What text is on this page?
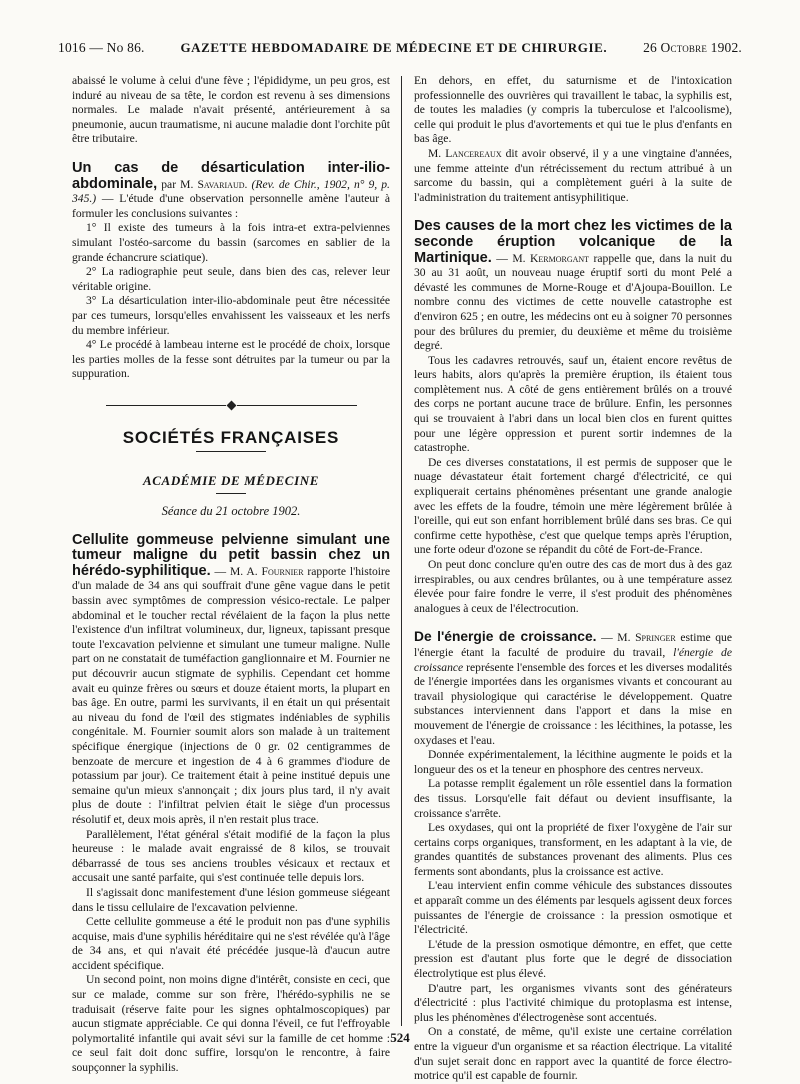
1016 — No 86.	GAZETTE HEBDOMADAIRE DE MÉDECINE ET DE CHIRURGIE.	26 Octobre 1902.

abaissé le volume à celui d'une fève ; l'épididyme, un peu gros, est induré au niveau de sa tête, le cordon est revenu à ses dimensions normales. Le malade n'avait présenté, antérieurement à sa pneumonie, aucun traumatisme, ni aucune maladie dont l'orchite pût être tributaire.

Un cas de désarticulation inter-ilio-abdominale, par M. Savariaud. (Rev. de Chir., 1902, n° 9, p. 345.) — L'étude d'une observation personnelle amène l'auteur à formuler les conclusions suivantes :

1° Il existe des tumeurs à la fois intra-et extra-pelviennes simulant l'ostéo-sarcome du bassin (sarcomes en sablier de la grande échancrure sciatique).

2° La radiographie peut seule, dans bien des cas, relever leur véritable origine.

3° La désarticulation inter-ilio-abdominale peut être nécessitée par ces tumeurs, lorsqu'elles envahissent les vaisseaux et les nerfs du membre inférieur.

4° Le procédé à lambeau interne est le procédé de choix, lorsque les parties molles de la fesse sont détruites par la tumeur ou par la suppuration.

SOCIÉTÉS FRANÇAISES
ACADÉMIE DE MÉDECINE
Séance du 21 octobre 1902.

Cellulite gommeuse pelvienne simulant une tumeur maligne du petit bassin chez un hérédo-syphilitique. — M. A. Fournier rapporte l'histoire d'un malade de 34 ans qui souffrait d'une gêne vague dans le petit bassin avec symptômes de compression vésico-rectale. Le palper abdominal et le toucher rectal révélaient de la façon la plus nette l'existence d'un infiltrat volumineux, dur, ligneux, tapissant presque toute l'excavation pelvienne et simulant une tumeur maligne. Nulle part on ne constatait de tuméfaction ganglionnaire et M. Fournier ne put découvrir aucun stigmate de syphilis. Cependant cet homme avait eu quinze frères ou sœurs et douze étaient morts, la plupart en bas âge. En outre, parmi les survivants, il en était un qui présentait au niveau du fond de l'œil des stigmates indéniables de syphilis congénitale. M. Fournier soumit alors son malade à un traitement spécifique énergique (injections de 0 gr. 02 centigrammes de benzoate de mercure et ingestion de 4 à 6 grammes d'iodure de potassium par jour). Ce traitement était à peine institué depuis une semaine qu'un mieux s'annonçait ; dix jours plus tard, il n'y avait plus de doute : l'infiltrat pelvien était le siège d'un processus résolutif et, deux mois après, il n'en restait plus trace.

Parallèlement, l'état général s'était modifié de la façon la plus heureuse : le malade avait engraissé de 8 kilos, se trouvait débarrassé de tous ses anciens troubles vésicaux et rectaux et accusait une santé parfaite, qui s'est continuée telle depuis lors.

Il s'agissait donc manifestement d'une lésion gommeuse siégeant dans le tissu cellulaire de l'excavation pelvienne.

Cette cellulite gommeuse a été le produit non pas d'une syphilis acquise, mais d'une syphilis héréditaire qui ne s'est révélée qu'à l'âge de 34 ans, et qui n'avait été précédée jusque-là d'aucun autre accident spécifique.

Un second point, non moins digne d'intérêt, consiste en ceci, que sur ce malade, comme sur son frère, l'hérédo-syphilis ne se traduisait (réserve faite pour les signes ophtalmoscopiques) par aucun stigmate appréciable. Ce qui donna l'éveil, ce fut l'effroyable polymortalité infantile qui avait sévi sur la famille de cet homme : ce seul fait doit donc suffire, lorsqu'on le rencontre, à faire soupçonner la syphilis.

En dehors, en effet, du saturnisme et de l'intoxication professionnelle des ouvrières qui travaillent le tabac, la syphilis est, de toutes les maladies (y compris la tuberculose et l'alcoolisme), celle qui produit le plus d'avortements et qui tue le plus d'enfants en bas âge.

M. Lancereaux dit avoir observé, il y a une vingtaine d'années, une femme atteinte d'un rétrécissement du rectum attribué à un sarcome du bassin, qui a complètement guéri à la suite de l'administration du traitement antisyphilitique.

Des causes de la mort chez les victimes de la seconde éruption volcanique de la Martinique. — M. Kermorgant rappelle que, dans la nuit du 30 au 31 août, un nouveau nuage éruptif sorti du mont Pelé a dévasté les communes de Morne-Rouge et d'Ajoupa-Bouillon. Le nombre connu des victimes de cette nouvelle catastrophe est d'environ 625 ; en outre, les médecins ont eu à soigner 70 personnes pour des brûlures du premier, du deuxième et même du troisième degré.

Tous les cadavres retrouvés, sauf un, étaient encore revêtus de leurs habits, alors qu'après la première éruption, ils étaient tous complètement nus. A côté de gens entièrement brûlés on a trouvé des corps ne portant aucune trace de brûlure. Enfin, les personnes qui se trouvaient à l'abri dans un local bien clos en furent quittes pour une légère oppression et purent sortir indemnes de la catastrophe.

De ces diverses constatations, il est permis de supposer que le nuage dévastateur était fortement chargé d'électricité, ce qui expliquerait certains phénomènes présentant une grande analogie avec les effets de la foudre, témoin une mère légèrement brûlée à l'oreille, qui eut son enfant horriblement brûlé dans ses bras. Ce qui confirme cette hypothèse, c'est que quelque temps après l'éruption, une forte odeur d'ozone se répandit du côté de Fort-de-France.

On peut donc conclure qu'en outre des cas de mort dus à des gaz irrespirables, ou aux cendres brûlantes, ou à une température assez élevée pour faire fondre le verre, il s'est produit des phénomènes analogues à ceux de l'électrocution.

De l'énergie de croissance. — M. Springer estime que l'énergie étant la faculté de produire du travail, l'énergie de croissance représente l'ensemble des forces et les diverses modalités de l'énergie importées dans les organismes vivants et concourant au travail physiologique qui caractérise le développement. Quatre substances interviennent dans l'apport et dans la mise en mouvement de l'énergie de croissance : les lécithines, la potasse, les oxydases et l'eau.

Donnée expérimentalement, la lécithine augmente le poids et la longueur des os et la teneur en phosphore des centres nerveux.

La potasse remplit également un rôle essentiel dans la formation des tissus. Lorsqu'elle fait défaut ou devient insuffisante, la croissance s'arrête.

Les oxydases, qui ont la propriété de fixer l'oxygène de l'air sur certains corps organiques, transforment, en les adaptant à la vie, de grandes quantités de substances provenant des aliments. Plus ces ferments sont abondants, plus la croissance est active.

L'eau intervient enfin comme véhicule des substances dissoutes et apparaît comme un des éléments par lesquels agissent deux forces puissantes de l'énergie de croissance : la pression osmotique et l'électricité.

L'étude de la pression osmotique démontre, en effet, que cette pression est d'autant plus forte que le degré de dissociation électrolytique est plus élevé.

D'autre part, les organismes vivants sont des générateurs d'électricité : plus l'activité chimique du protoplasma est intense, plus les phénomènes d'électrogenèse sont accentués.

On a constaté, de même, qu'il existe une certaine corrélation entre la vigueur d'un organisme et sa réaction électrique. La vitalité d'un sujet serait donc en rapport avec la quantité de force électro-motrice qu'il est capable de fournir.

524
